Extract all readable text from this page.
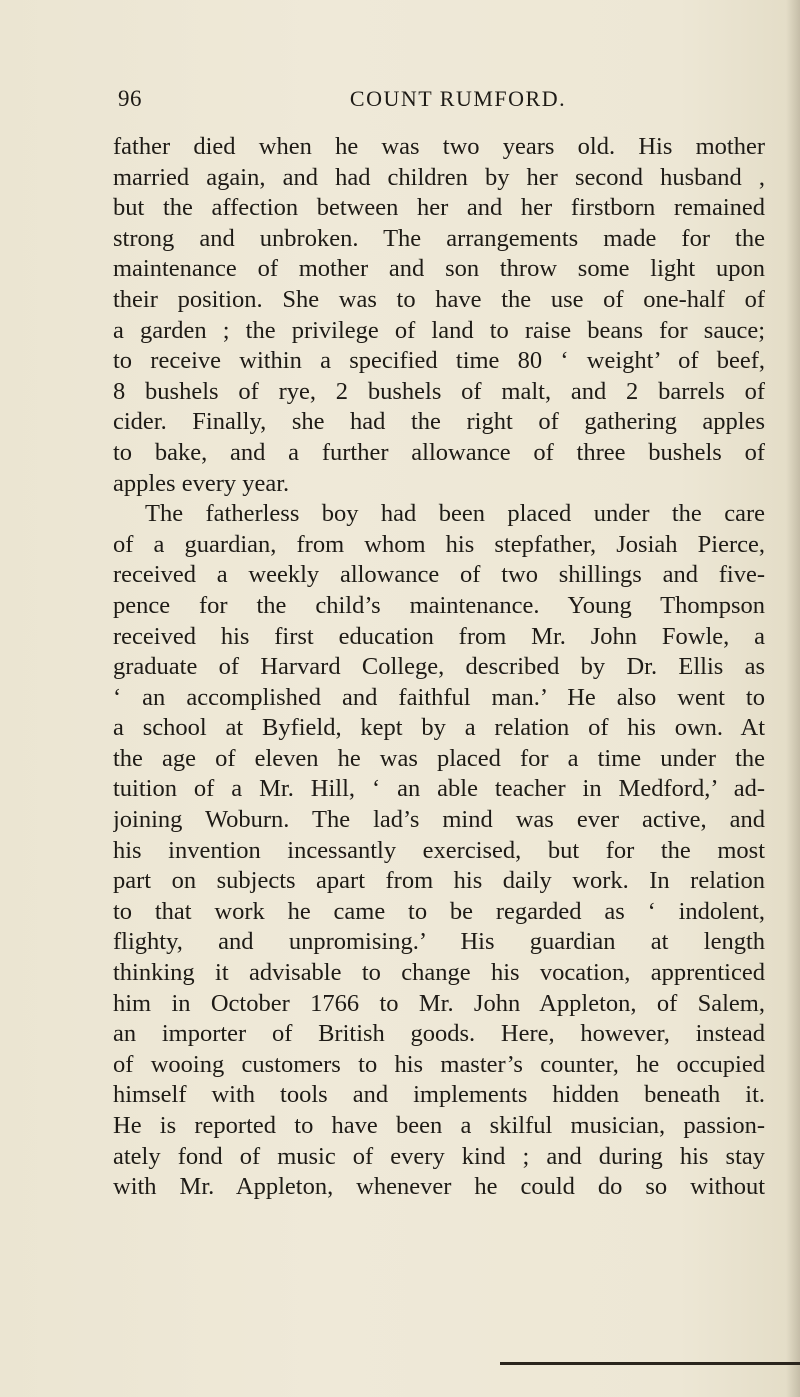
96	COUNT RUMFORD.
father died when he was two years old. His mother
married again, and had children by her second husband ,
but the affection between her and her firstborn remained
strong and unbroken. The arrangements made for the
maintenance of mother and son throw some light upon
their position. She was to have the use of one-half of
a garden ; the privilege of land to raise beans for sauce;
to receive within a specified time 80 ‘ weight’ of beef,
8 bushels of rye, 2 bushels of malt, and 2 barrels of
cider. Finally, she had the right of gathering apples
to bake, and a further allowance of three bushels of
apples every year.
The fatherless boy had been placed under the care
of a guardian, from whom his stepfather, Josiah Pierce,
received a weekly allowance of two shillings and five-
pence for the child’s maintenance. Young Thompson
received his first education from Mr. John Fowle, a
graduate of Harvard College, described by Dr. Ellis as
‘ an accomplished and faithful man.’ He also went to
a school at Byfield, kept by a relation of his own. At
the age of eleven he was placed for a time under the
tuition of a Mr. Hill, ‘ an able teacher in Medford,’ ad-
joining Woburn. The lad’s mind was ever active, and
his invention incessantly exercised, but for the most
part on subjects apart from his daily work. In relation
to that work he came to be regarded as ‘ indolent,
flighty, and unpromising.’ His guardian at length
thinking it advisable to change his vocation, apprenticed
him in October 1766 to Mr. John Appleton, of Salem,
an importer of British goods. Here, however, instead
of wooing customers to his master’s counter, he occupied
himself with tools and implements hidden beneath it.
He is reported to have been a skilful musician, passion-
ately fond of music of every kind ; and during his stay
with Mr. Appleton, whenever he could do so without
